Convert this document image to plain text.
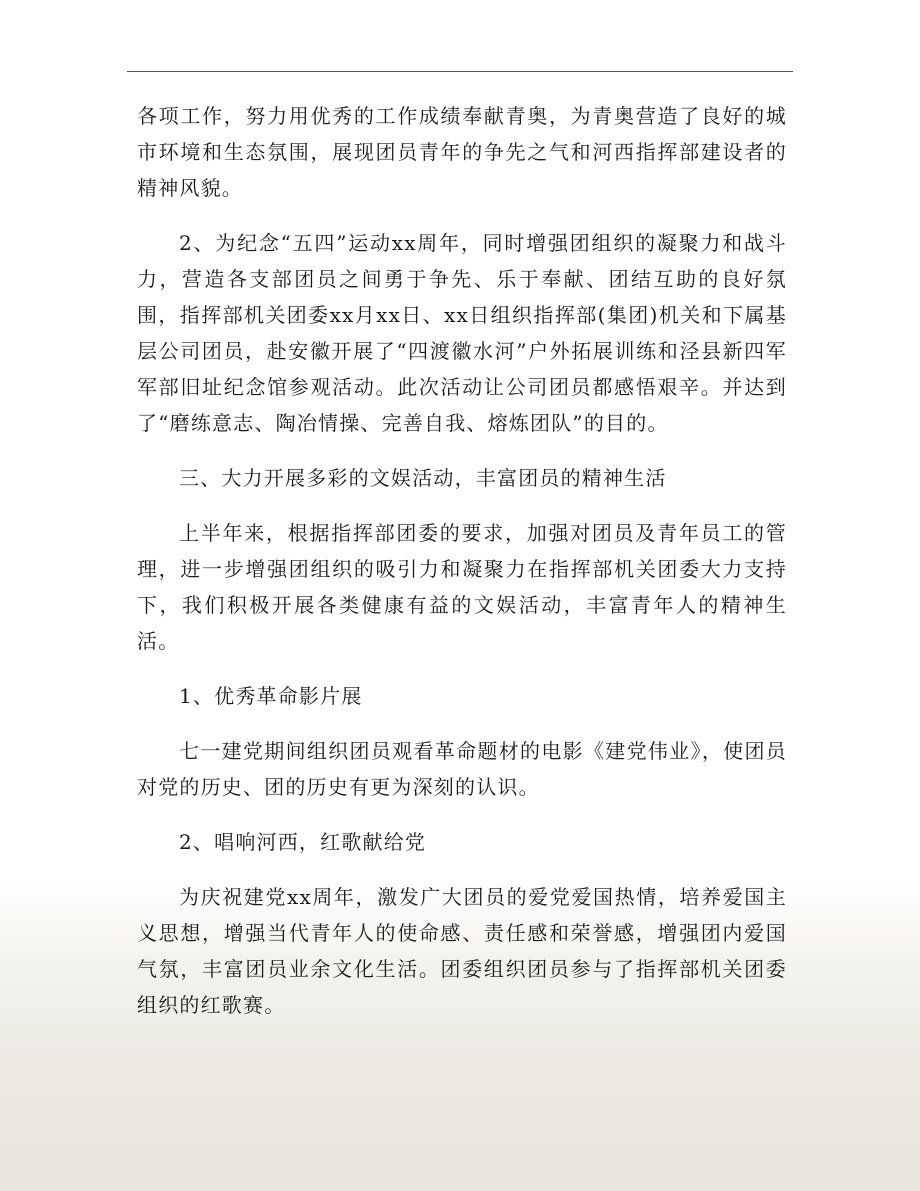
各项工作，努力用优秀的工作成绩奉献青奥，为青奥营造了良好的城市环境和生态氛围，展现团员青年的争先之气和河西指挥部建设者的精神风貌。

2、为纪念“五四”运动xx周年，同时增强团组织的凝聚力和战斗力，营造各支部团员之间勇于争先、乐于奉献、团结互助的良好氛围，指挥部机关团委xx月xx日、xx日组织指挥部(集团)机关和下属基层公司团员，赴安徽开展了“四渡徽水河”户外拓展训练和泾县新四军军部旧址纪念馆参观活动。此次活动让公司团员都感悟艰辛。并达到了“磨练意志、陶冶情操、完善自我、熔炼团队”的目的。

三、大力开展多彩的文娱活动，丰富团员的精神生活

上半年来，根据指挥部团委的要求，加强对团员及青年员工的管理，进一步增强团组织的吸引力和凝聚力在指挥部机关团委大力支持下，我们积极开展各类健康有益的文娱活动，丰富青年人的精神生活。

1、优秀革命影片展

七一建党期间组织团员观看革命题材的电影《建党伟业》，使团员对党的历史、团的历史有更为深刻的认识。

2、唱响河西，红歌献给党

为庆祝建党xx周年，激发广大团员的爱党爱国热情，培养爱国主义思想，增强当代青年人的使命感、责任感和荣誉感，增强团内爱国气氛，丰富团员业余文化生活。团委组织团员参与了指挥部机关团委组织的红歌赛。
